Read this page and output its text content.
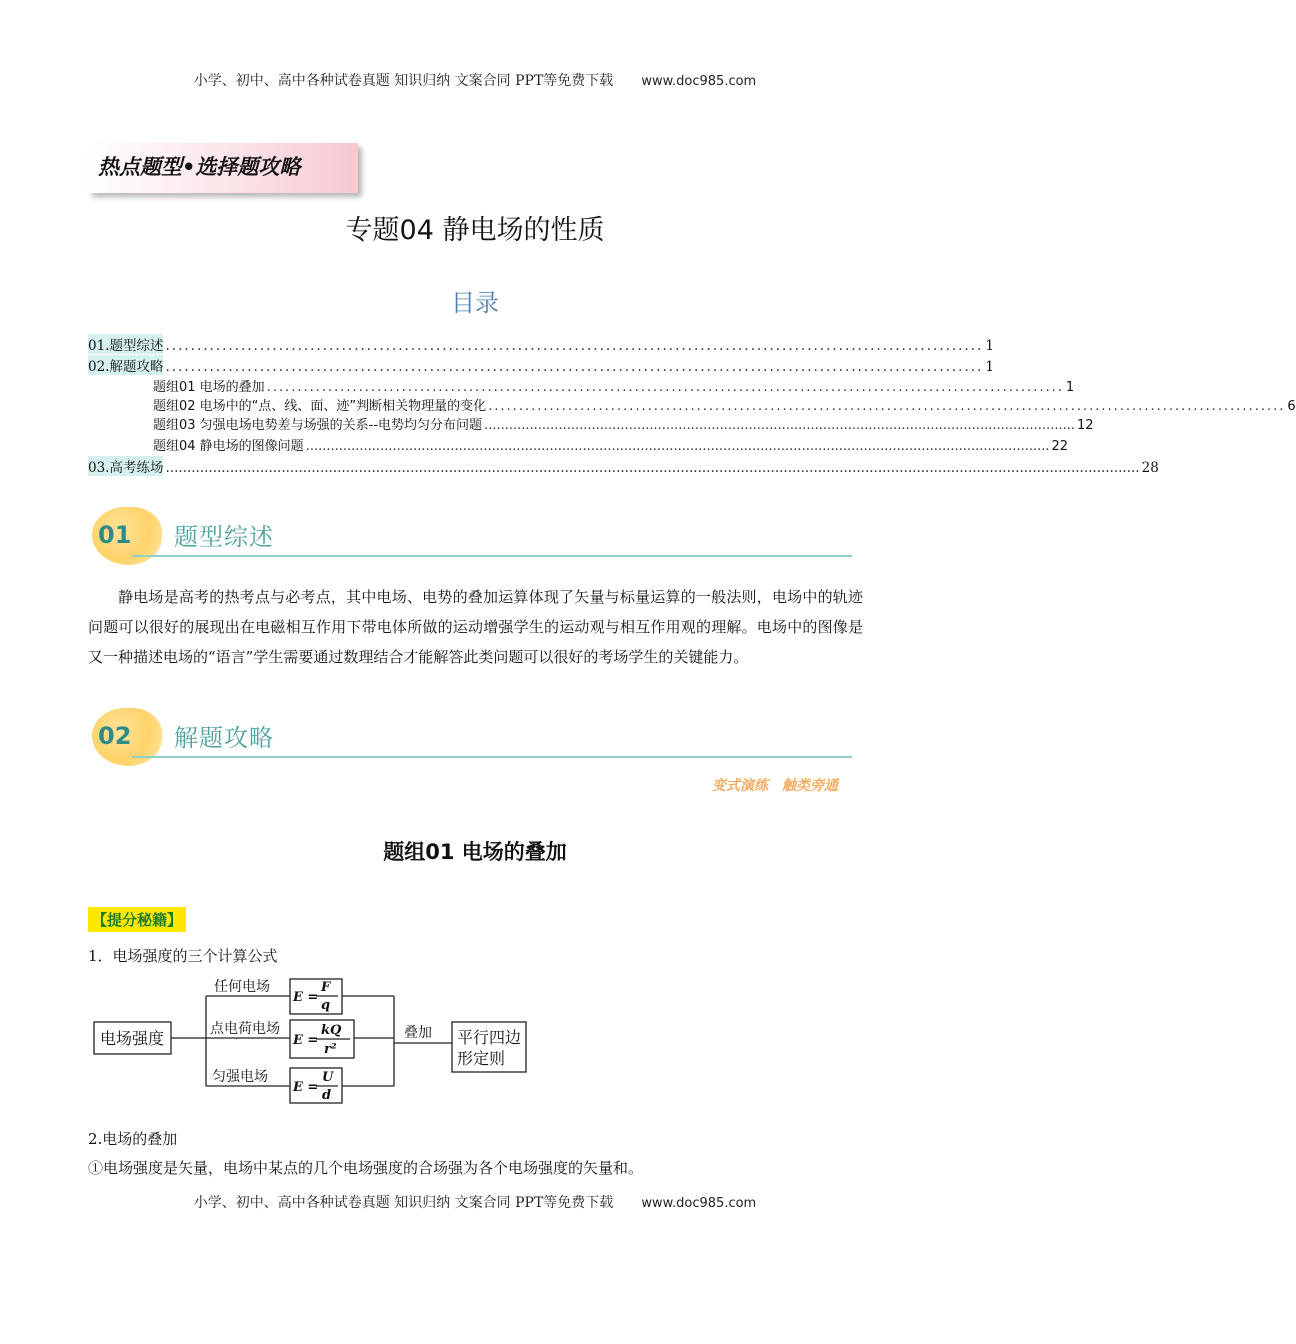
小学、初中、高中各种试卷真题 知识归纳 文案合同 PPT等免费下载 www.doc985.com
热点题型•选择题攻略
专题04 静电场的性质
目录
01.题型综述 .................................................................................................................................. 1
02.解题攻略 .................................................................................................................................. 1
题组01 电场的叠加 .................................................................................................................................. 1
题组02 电场中的“点、线、面、迹”判断相关物理量的变化 .................................................................................................................................. 6
题组03 匀强电场电势差与场强的关系--电势均匀分布问题 ............................................................................................................................................... 12
题组04 静电场的图像问题 .................................................................................................................................................................................... 22
03.高考练场 ................................................................................................................................................................................................................................... 28
01 题型综述
静电场是高考的热考点与必考点，其中电场、电势的叠加运算体现了矢量与标量运算的一般法则，电场中的轨迹问题可以很好的展现出在电磁相互作用下带电体所做的运动增强学生的运动观与相互作用观的理解。电场中的图像是又一种描述电场的“语言”学生需要通过数理结合才能解答此类问题可以很好的考场学生的关键能力。
02 解题攻略
变式演练 触类旁通
题组01 电场的叠加
【提分秘籍】
1．电场强度的三个计算公式
电场强度
任何电场
点电荷电场
匀强电场
E =
F
q
E =
kQ
r²
E =
U
d
叠加 平行四边
形定则
2.电场的叠加
①电场强度是矢量，电场中某点的几个电场强度的合场强为各个电场强度的矢量和。
小学、初中、高中各种试卷真题 知识归纳 文案合同 PPT等免费下载 www.doc985.com
